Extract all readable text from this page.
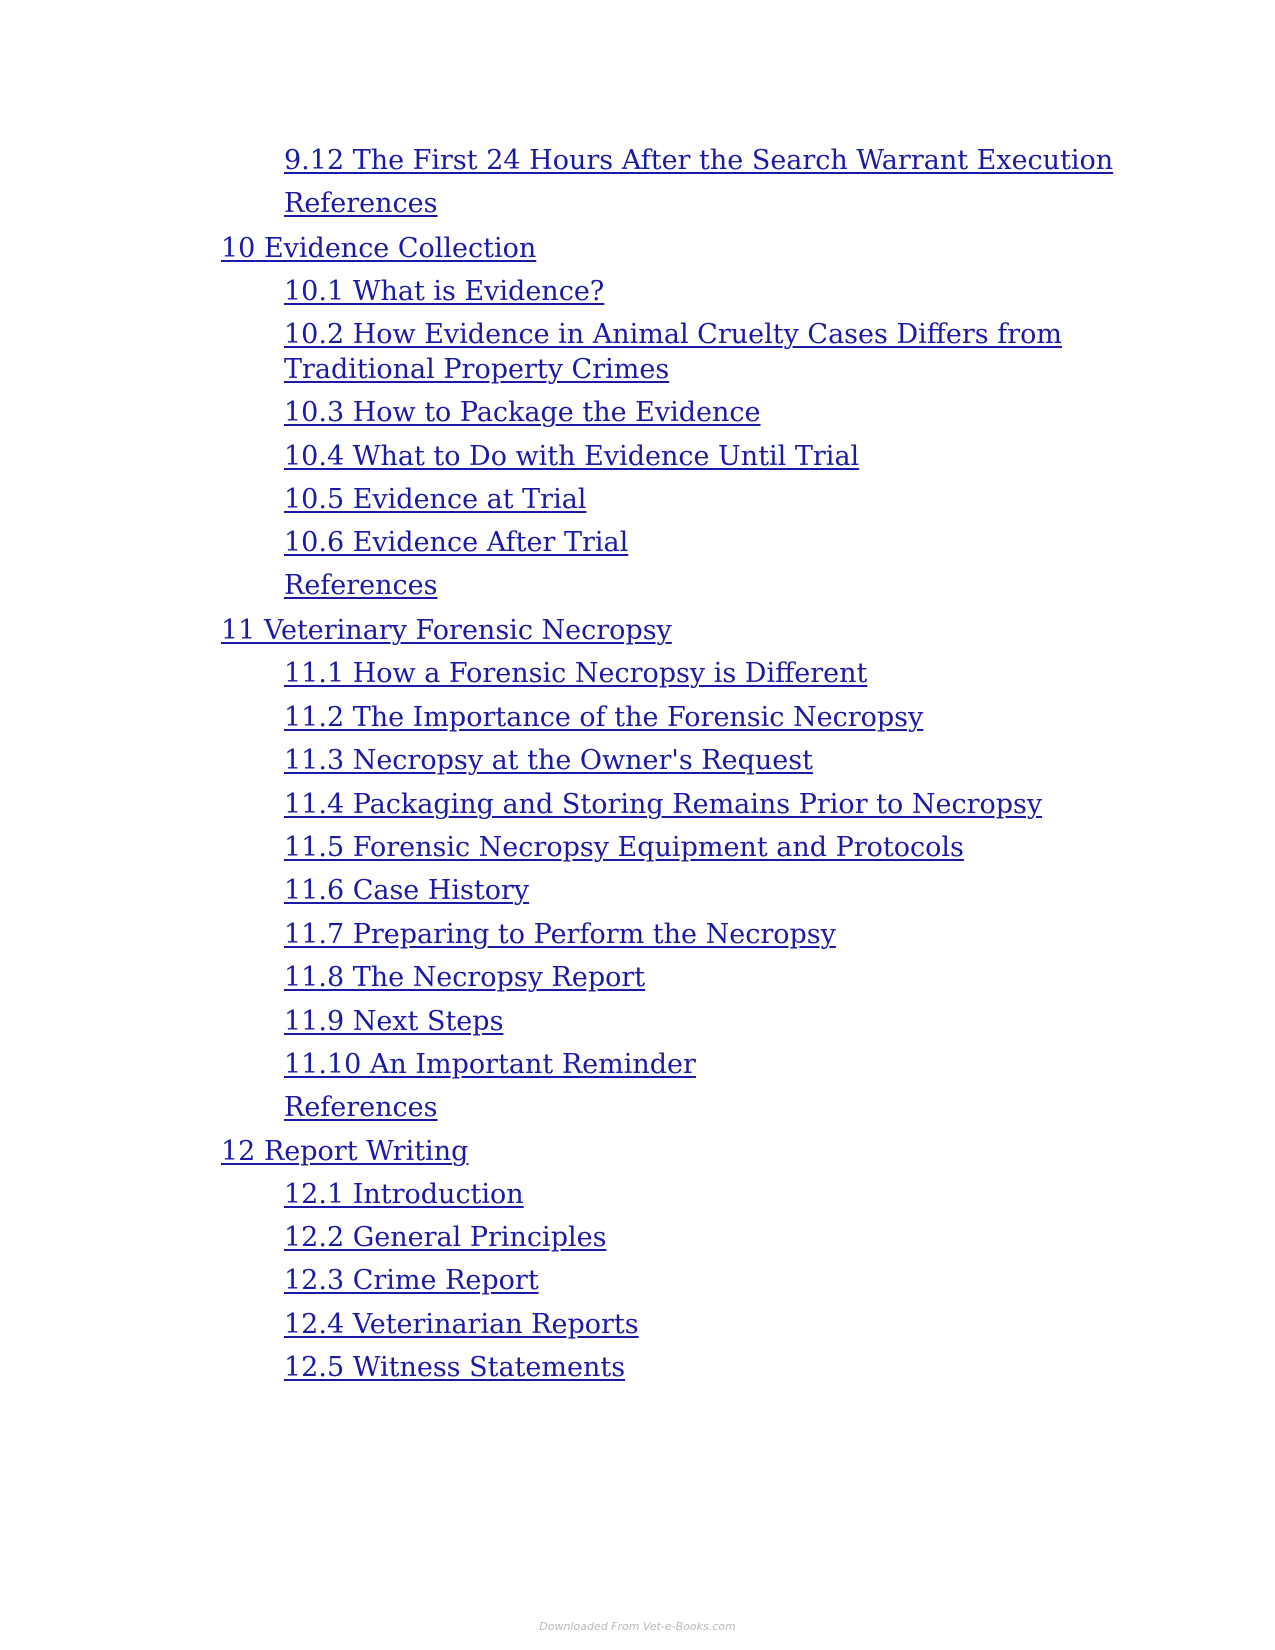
9.12 The First 24 Hours After the Search Warrant Execution
References
10 Evidence Collection
10.1 What is Evidence?
10.2 How Evidence in Animal Cruelty Cases Differs from
Traditional Property Crimes
10.3 How to Package the Evidence
10.4 What to Do with Evidence Until Trial
10.5 Evidence at Trial
10.6 Evidence After Trial
References
11 Veterinary Forensic Necropsy
11.1 How a Forensic Necropsy is Different
11.2 The Importance of the Forensic Necropsy
11.3 Necropsy at the Owner's Request
11.4 Packaging and Storing Remains Prior to Necropsy
11.5 Forensic Necropsy Equipment and Protocols
11.6 Case History
11.7 Preparing to Perform the Necropsy
11.8 The Necropsy Report
11.9 Next Steps
11.10 An Important Reminder
References
12 Report Writing
12.1 Introduction
12.2 General Principles
12.3 Crime Report
12.4 Veterinarian Reports
12.5 Witness Statements
Downloaded From Vet-e-Books.com
